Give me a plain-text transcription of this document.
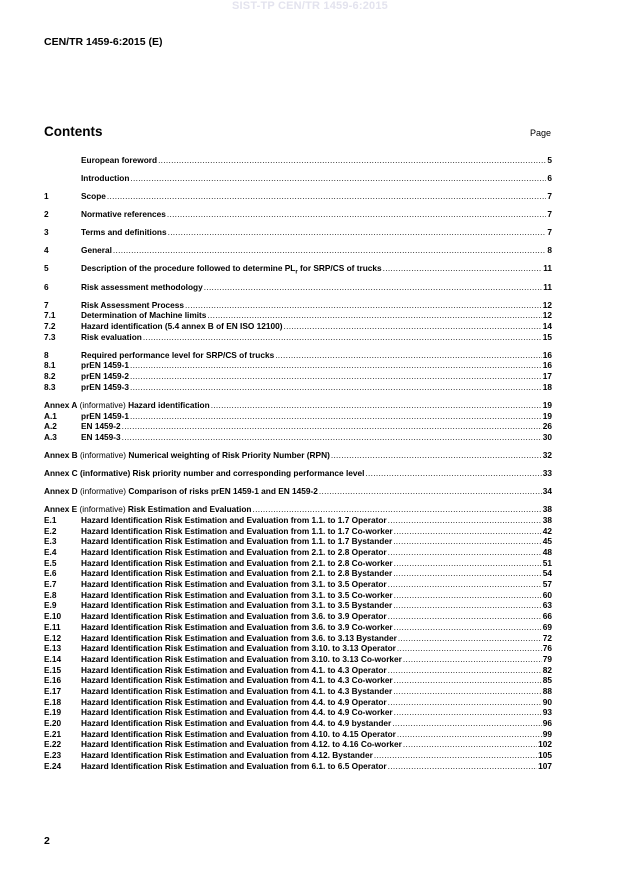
SIST-TP CEN/TR 1459-6:2015
CEN/TR 1459-6:2015 (E)
Contents	Page
European foreword .....	5
Introduction .....	6
1	Scope .....	7
2	Normative references .....	7
3	Terms and definitions .....	7
4	General .....	8
5	Description of the procedure followed to determine $PL_r$ for SRP/CS of trucks .....	11
6	Risk assessment methodology .....	11
7	Risk Assessment Process .....	12
7.1	Determination of Machine limits .....	12
7.2	Hazard identification (5.4 annex B of EN ISO 12100) .....	14
7.3	Risk evaluation .....	15
8	Required performance level for SRP/CS of trucks .....	16
8.1	prEN 1459-1 .....	16
8.2	prEN 1459-2 .....	17
8.3	prEN 1459-3 .....	18
Annex A (informative) Hazard identification .....	19
A.1	prEN 1459-1 .....	19
A.2	EN 1459-2 .....	26
A.3	EN 1459-3 .....	30
Annex B (informative) Numerical weighting of Risk Priority Number (RPN) .....	32
Annex C (informative) Risk priority number and corresponding performance level .....	33
Annex D (informative) Comparison of risks prEN 1459-1 and EN 1459-2 .....	34
Annex E (informative) Risk Estimation and Evaluation .....	38
E.1	Hazard Identification Risk Estimation and Evaluation from 1.1. to 1.7 Operator .....	38
E.2	Hazard Identification Risk Estimation and Evaluation from 1.1. to 1.7 Co-worker .....	42
E.3	Hazard Identification Risk Estimation and Evaluation from 1.1. to 1.7 Bystander .....	45
E.4	Hazard Identification Risk Estimation and Evaluation from 2.1. to 2.8 Operator .....	48
E.5	Hazard Identification Risk Estimation and Evaluation from 2.1. to 2.8 Co-worker .....	51
E.6	Hazard Identification Risk Estimation and Evaluation from 2.1. to 2.8 Bystander .....	54
E.7	Hazard Identification Risk Estimation and Evaluation from 3.1. to 3.5 Operator .....	57
E.8	Hazard Identification Risk Estimation and Evaluation from 3.1. to 3.5 Co-worker .....	60
E.9	Hazard Identification Risk Estimation and Evaluation from 3.1. to 3.5 Bystander .....	63
E.10	Hazard Identification Risk Estimation and Evaluation from 3.6. to 3.9 Operator .....	66
E.11	Hazard Identification Risk Estimation and Evaluation from 3.6. to 3.9 Co-worker .....	69
E.12	Hazard Identification Risk Estimation and Evaluation from 3.6. to 3.13 Bystander .....	72
E.13	Hazard Identification Risk Estimation and Evaluation from 3.10. to 3.13 Operator .....	76
E.14	Hazard Identification Risk Estimation and Evaluation from 3.10. to 3.13 Co-worker .....	79
E.15	Hazard Identification Risk Estimation and Evaluation from 4.1. to 4.3 Operator .....	82
E.16	Hazard Identification Risk Estimation and Evaluation from 4.1. to 4.3 Co-worker .....	85
E.17	Hazard Identification Risk Estimation and Evaluation from 4.1. to 4.3 Bystander .....	88
E.18	Hazard Identification Risk Estimation and Evaluation from 4.4. to 4.9 Operator .....	90
E.19	Hazard Identification Risk Estimation and Evaluation from 4.4. to 4.9 Co-worker .....	93
E.20	Hazard Identification Risk Estimation and Evaluation from 4.4. to 4.9 bystander .....	96
E.21	Hazard Identification Risk Estimation and Evaluation from 4.10. to 4.15 Operator .....	99
E.22	Hazard Identification Risk Estimation and Evaluation from 4.12. to 4.16 Co-worker .....	102
E.23	Hazard Identification Risk Estimation and Evaluation from 4.12. Bystander .....	105
E.24	Hazard Identification Risk Estimation and Evaluation from 6.1. to 6.5 Operator .....	107
2
